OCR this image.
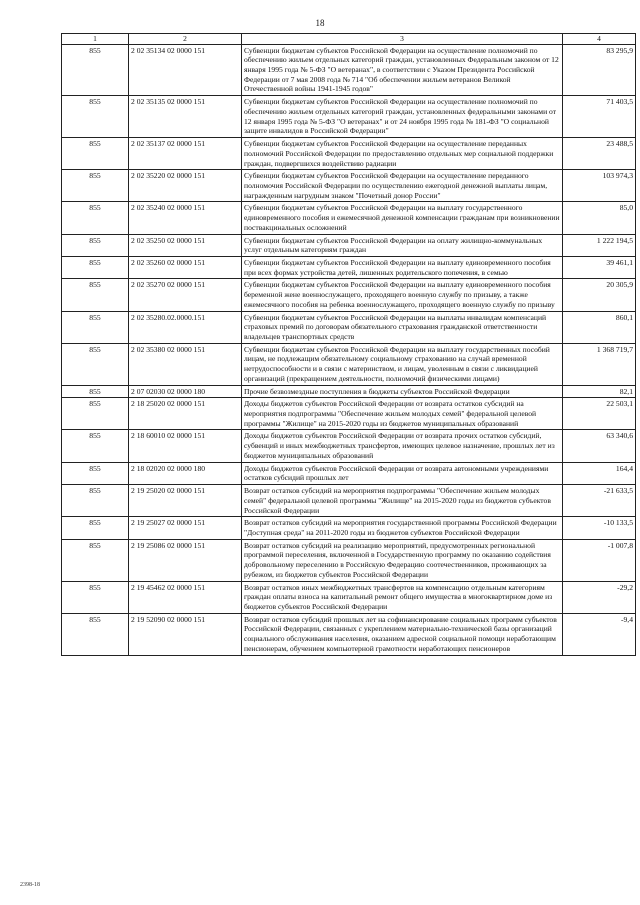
18
1	2	3	4
855	2 02 35134 02 0000 151	Субвенции бюджетам субъектов Российской Федерации на осуществление полномочий по обеспечению жильем отдельных категорий граждан, установленных Федеральным законом от 12 января 1995 года № 5-ФЗ "О ветеранах", в соответствии с Указом Президента Российской Федерации от 7 мая 2008 года № 714 "Об обеспечении жильем ветеранов Великой Отечественной войны 1941-1945 годов"	83 295,9
855	2 02 35135 02 0000 151	Субвенции бюджетам субъектов Российской Федерации на осуществление полномочий по обеспечению жильем отдельных категорий граждан, установленных федеральными законами от 12 января 1995 года № 5-ФЗ "О ветеранах" и от 24 ноября 1995 года № 181-ФЗ "О социальной защите инвалидов в Российской Федерации"	71 403,5
855	2 02 35137 02 0000 151	Субвенции бюджетам субъектов Российской Федерации на осуществление переданных полномочий Российской Федерации по предоставлению отдельных мер социальной поддержки граждан, подвергшихся воздействию радиации	23 488,5
855	2 02 35220 02 0000 151	Субвенции бюджетам субъектов Российской Федерации на осуществление переданного полномочия Российской Федерации по осуществлению ежегодной денежной выплаты лицам, награжденным нагрудным знаком "Почетный донор России"	103 974,3
855	2 02 35240 02 0000 151	Субвенции бюджетам субъектов Российской Федерации на выплату государственного единовременного пособия и ежемесячной денежной компенсации гражданам при возникновении поствакцинальных осложнений	85,0
855	2 02 35250 02 0000 151	Субвенции бюджетам субъектов Российской Федерации на оплату жилищно-коммунальных услуг отдельным категориям граждан	1 222 194,5
855	2 02 35260 02 0000 151	Субвенции бюджетам субъектов Российской Федерации на выплату единовременного пособия при всех формах устройства детей, лишенных родительского попечения, в семью	39 461,1
855	2 02 35270 02 0000 151	Субвенции бюджетам субъектов Российской Федерации на выплату единовременного пособия беременной жене военнослужащего, проходящего военную службу по призыву, а также ежемесячного пособия на ребенка военнослужащего, проходящего военную службу по призыву	20 305,9
855	2 02 35280.02.0000.151	Субвенции бюджетам субъектов Российской Федерации на выплаты инвалидам компенсаций страховых премий по договорам обязательного страхования гражданской ответственности владельцев транспортных средств	860,1
855	2 02 35380 02 0000 151	Субвенции бюджетам субъектов Российской Федерации на выплату государственных пособий лицам, не подлежащим обязательному социальному страхованию на случай временной нетрудоспособности и в связи с материнством, и лицам, уволенным в связи с ликвидацией организаций (прекращением деятельности, полномочий физическими лицами)	1 368 719,7
855	2 07 02030 02 0000 180	Прочие безвозмездные поступления в бюджеты субъектов Российской Федерации	82,1
855	2 18 25020 02 0000 151	Доходы бюджетов субъектов Российской Федерации от возврата остатков субсидий на мероприятия подпрограммы "Обеспечение жильем молодых семей" федеральной целевой программы "Жилище" на 2015-2020 годы из бюджетов муниципальных образований	22 503,1
855	2 18 60010 02 0000 151	Доходы бюджетов субъектов Российской Федерации от возврата прочих остатков субсидий, субвенций и иных межбюджетных трансфертов, имеющих целевое назначение, прошлых лет из бюджетов муниципальных образований	63 340,6
855	2 18 02020 02 0000 180	Доходы бюджетов субъектов Российской Федерации от возврата автономными учреждениями остатков субсидий прошлых лет	164,4
855	2 19 25020 02 0000 151	Возврат остатков субсидий на мероприятия подпрограммы "Обеспечение жильем молодых семей" федеральной целевой программы "Жилище" на 2015-2020 годы из бюджетов субъектов Российской Федерации	-21 633,5
855	2 19 25027 02 0000 151	Возврат остатков субсидий на мероприятия государственной программы Российской Федерации "Доступная среда" на 2011-2020 годы из бюджетов субъектов Российской Федерации	-10 133,5
855	2 19 25086 02 0000 151	Возврат остатков субсидий на реализацию мероприятий, предусмотренных региональной программой переселения, включенной в Государственную программу по оказанию содействия добровольному переселению в Российскую Федерацию соотечественников, проживающих за рубежом, из бюджетов субъектов Российской Федерации	-1 007,8
855	2 19 45462 02 0000 151	Возврат остатков иных межбюджетных трансфертов на компенсацию отдельным категориям граждан оплаты взноса на капитальный ремонт общего имущества в многоквартирном доме из бюджетов субъектов Российской Федерации	-29,2
855	2 19 52090 02 0000 151	Возврат остатков субсидий прошлых лет на софинансирование социальных программ субъектов Российской Федерации, связанных с укреплением материально-технической базы организаций социального обслуживания населения, оказанием адресной социальной помощи неработающим пенсионерам, обучением компьютерной грамотности неработающих пенсионеров	-9,4
2398-18
